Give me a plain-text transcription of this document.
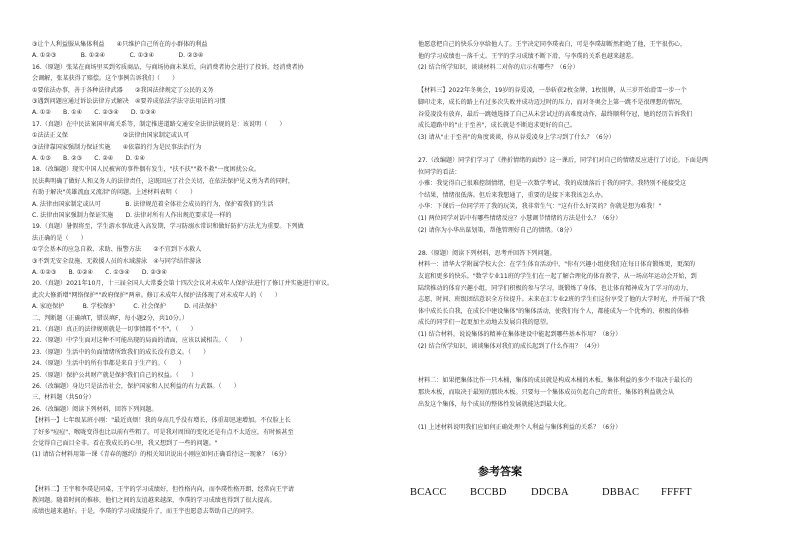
③让个人利益服从集体利益　　④只维护自己所在的小群体的利益
A. ①②③　　　　B. ①②④　　　　C. ①③④　　　　D. ②③④
16.（原题）张某在商场里买到劣质商品，与商场协商未果后，向消费者协会进行了投诉。经消费者协
会调解，张某获得了赔偿。这个事例告诉我们（　　）
①要依法办事，善于各种法律武器　　②我国法律规定了公民的义务
③遇到问题应通过诉讼法律方式解决　④要养成依法学法守法用法的习惯
A. ①②　　B. ①④　　C. ②③④　　D. ①③④
17.（真题）在中民法案国审离关系等，制定推进道路交通安全法律法规的是：该说明（　　）
①法法正义保　　　　　　　　　②法律由国家制定或认可
③法律靠国家强制力保证实施　　④依靠的行为是民事法治行为
A. ①③　　B. ②③　　C. ②④　　D. ①④
18.（改编题）现实中国人民被害的事件偶有发生，"扶不扶""救不救"一度困扰公众。
民法典明确了做好人和义务人的法律责任，这既回应了社会关切，在依法保护见义勇为者的同时，
有助于解决"英雄流血又流泪"的问题。上述材料表明（　　）
A. 法律由国家制定或认可　　　　B. 法律规范着全体社会成员的行为，保护着我们的生活
C. 法律由国家强制力保证实施　　D. 法律对所有人作出规范要求是一样的
19.（真题）暑假将至，学生游水事故进入高发期，学习防溺水常识和做好防护方法尤为重要。下列做
法正确的是（　　）
①学会基本的应急自救、求助、报警方法　　②不宜到下水救人
③不到无安全设施、无救援人员的水域游泳　④与同学结伴游泳
A. ①②③　　B. ①②④　　C. ①③④　　D. ②③④
20.（真题）2021年10月，十三届全国人大常委会第十四次会议对未成年人保护法进行了修订并实施进行审议。
此次大修新增"网络保护""政府保护"两章。修订未成年人保护法体现了对未成年人的（　　）
A. 家庭保护　　　B. 学校保护　　　C. 社会保护　　　D. 司法保护
二、判断题（正确填T，错误填F，每小题2分，共10分。）
21.（真题）真正的法律规则就是一切事情都不"不"。（　　）
22.（原题）中学生面对这种不可能出现的局面的请面，应该以诚相告。（　　）
23.（原题）生活中的负面情绪所致我们的成长没有意义。（　　）
24.（原题）生活中的所有事都是来自于生产的。（　　）
25.（原题）保护公共财产就是保护我们自己的权益。（　　）
26.（改编题）身边只是法治社会，保护国家和人民利益的有力武器。（　　）
三、材料题（共50分）
26.（改编题）阅读下列材料，回答下列问题。
【材料一】七年级某班小刚："最近真烦！我的身高几乎没有增长，体重却迅速增加。不仅脸上长
了好多"痘痘"，喉咙变得也比以前有些粗了。可是我对周围的变化还是有点不太适应，有时候甚至
会觉得自己面目全非。看在我成长的心里，我又想到了一些的问题。"
(1) 请结合材料用第一课《青春的邀约》的相关知识说出小刚应如何正确看待这一现象？（6分）
【材料二】王宇和李璞是同桌，王宇的学习成绩好，但性格内向，而李璞性格开朗，经常向王宇请
教问题。随着时间的推移，他们之间的友谊越来越深，李璞的学习成绩也得到了很大提高。
成绩也越来越好。于是，李璞的学习成绩提升了，而王宇也愿意去帮助自己的同学。
他愿意把自己的快乐分享给他人了。王宇决定同李璞表白，可是李璞却断然拒绝了他，王宇很伤心，
他的学习成绩也一落千丈。王宇的学习成绩不断下滑，与李璞的关系也越来越差。
(2) 结合所学知识，谈谈材料二对你的启示有哪些？（6分）
【材料三】2022年冬奥会，19岁的谷爱凌，一举斩获2枚金牌，1枚银牌，从三岁开始滑雪一步一个
脚印走来，成长的路上有过多次失败并成功迈过时的压力，而对冬奥会上第一跳不是很理想的情况，
谷爱凌没有放弃，最后一跳她选择了自己从未尝试过的高难度动作，最终顺利夺冠，她的经历告诉我们
成长道路中的"止于至善"，成长就是不断追求更好的自己。
(3) 请从"止于至善"的角度谈谈，你从谷爱凌身上学习到了什么？（6分）
27.（改编题）同学们学习了《挫折情绪的面纱》这一课后，同学们对自己的情绪反应进行了讨论。下面是两
位同学的看法：
小雅：我觉得自己很难控制情绪，但是一次数学考试，我的成绩落后于我的同学。我特别不能接受这
个结果，情绪很低落。但后来我想通了，重要的是接下来我该怎么办。
小华：下课后一位同学开了我的玩笑，我非常生气："这有什么好笑的？你就是想为难我！"
(1) 两位同学对话中有哪些情绪反应？小慧调节情绪的方法是什么？（6分）
(2) 请你为小华出谋划策，帮他管理好自己的情绪。（8分）
28.（原题）阅读下列材料，思考并回答下列问题。
材料一：清华大学附属学校大会：在学生体育活动中，"你有兴趣小组使我们在每日体育锻炼更，更深的
友谊和更多的快乐。"数学专业11班的学生们在一起了解合理化的体育教学，从一场高年运动会开始，到
陆续推动的体育兴趣小组，同学们积极的参与学习，既锻炼了身体，也让体育精神成为了学习的动力，
志愿、时间、班级团结意识全方位提升。未来在汇专业2班的学生们这份享受了他的大学时光，并开展了"我
体中成长长自我，在成长中建设集体"的集体活动，使我们每个人，都能成为一个优秀的、积极的体格
成长的同学们一起更加主动地去发展自我的愿望。
(1) 结合材料，说说集体的精神在集体建设中能起到哪些基本作用？（8分）
(2) 结合所学知识，谈谈集体对我们的成长起到了什么作用？（4分）
材料二：如果把集体比作一只木桶，集体的成员就是构成木桶的木板。集体利益的多少不取决于最长的
那块木板，而取决于最短的那块木板。只要每一个集体成员负起自己的责任，集体的利益就会从
出发这个集体，每个成员的整体性发展就能达到最大化。
(1) 上述材料说明我们应如何正确处理个人利益与集体利益的关系？（6分）
参考答案
BCACC BCCBD DDCBA	DBBAC FFFFT
